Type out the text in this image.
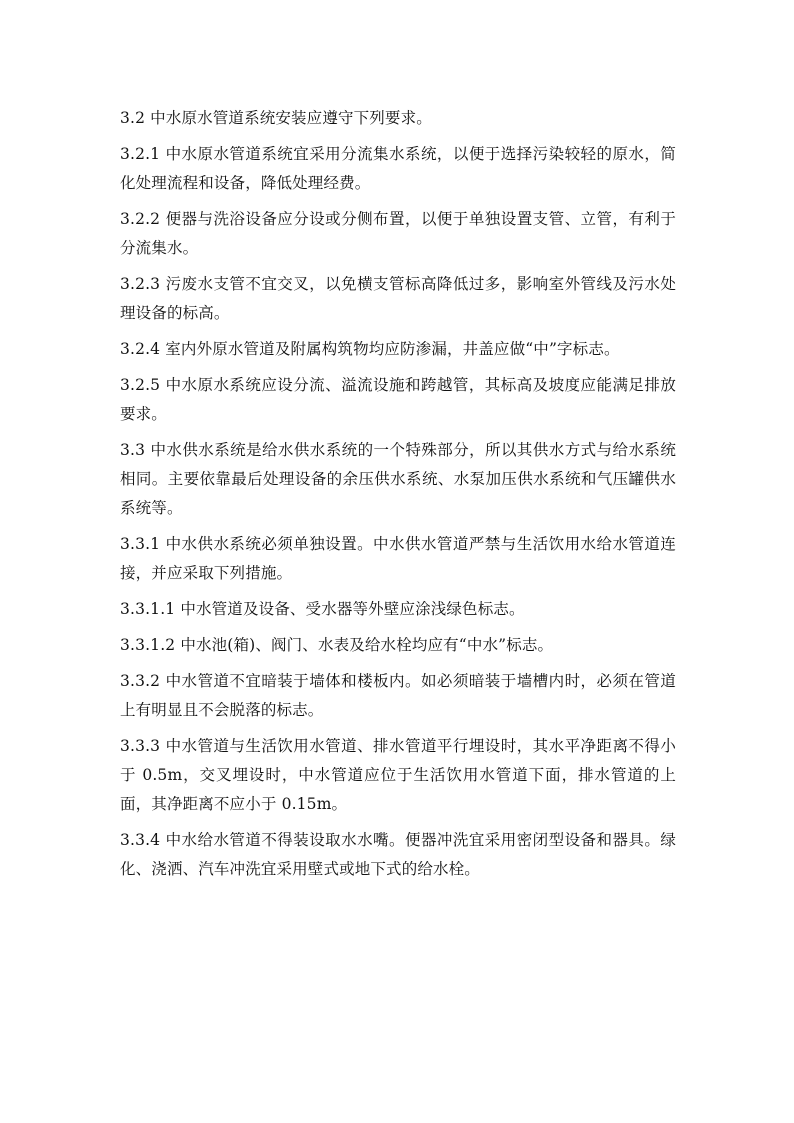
3.2 中水原水管道系统安装应遵守下列要求。

3.2.1 中水原水管道系统宜采用分流集水系统，以便于选择污染较轻的原水，简化处理流程和设备，降低处理经费。

3.2.2 便器与洗浴设备应分设或分侧布置，以便于单独设置支管、立管，有利于分流集水。

3.2.3 污废水支管不宜交叉，以免横支管标高降低过多，影响室外管线及污水处理设备的标高。

3.2.4 室内外原水管道及附属构筑物均应防渗漏，井盖应做“中”字标志。

3.2.5 中水原水系统应设分流、溢流设施和跨越管，其标高及坡度应能满足排放要求。

3.3 中水供水系统是给水供水系统的一个特殊部分，所以其供水方式与给水系统相同。主要依靠最后处理设备的余压供水系统、水泵加压供水系统和气压罐供水系统等。

3.3.1 中水供水系统必须单独设置。中水供水管道严禁与生活饮用水给水管道连接，并应采取下列措施。

3.3.1.1 中水管道及设备、受水器等外壁应涂浅绿色标志。

3.3.1.2 中水池(箱)、阀门、水表及给水栓均应有“中水”标志。

3.3.2 中水管道不宜暗装于墙体和楼板内。如必须暗装于墙槽内时，必须在管道上有明显且不会脱落的标志。

3.3.3 中水管道与生活饮用水管道、排水管道平行埋设时，其水平净距离不得小于 0.5m，交叉埋设时，中水管道应位于生活饮用水管道下面，排水管道的上面，其净距离不应小于 0.15m。

3.3.4 中水给水管道不得装设取水水嘴。便器冲洗宜采用密闭型设备和器具。绿化、浇洒、汽车冲洗宜采用壁式或地下式的给水栓。
